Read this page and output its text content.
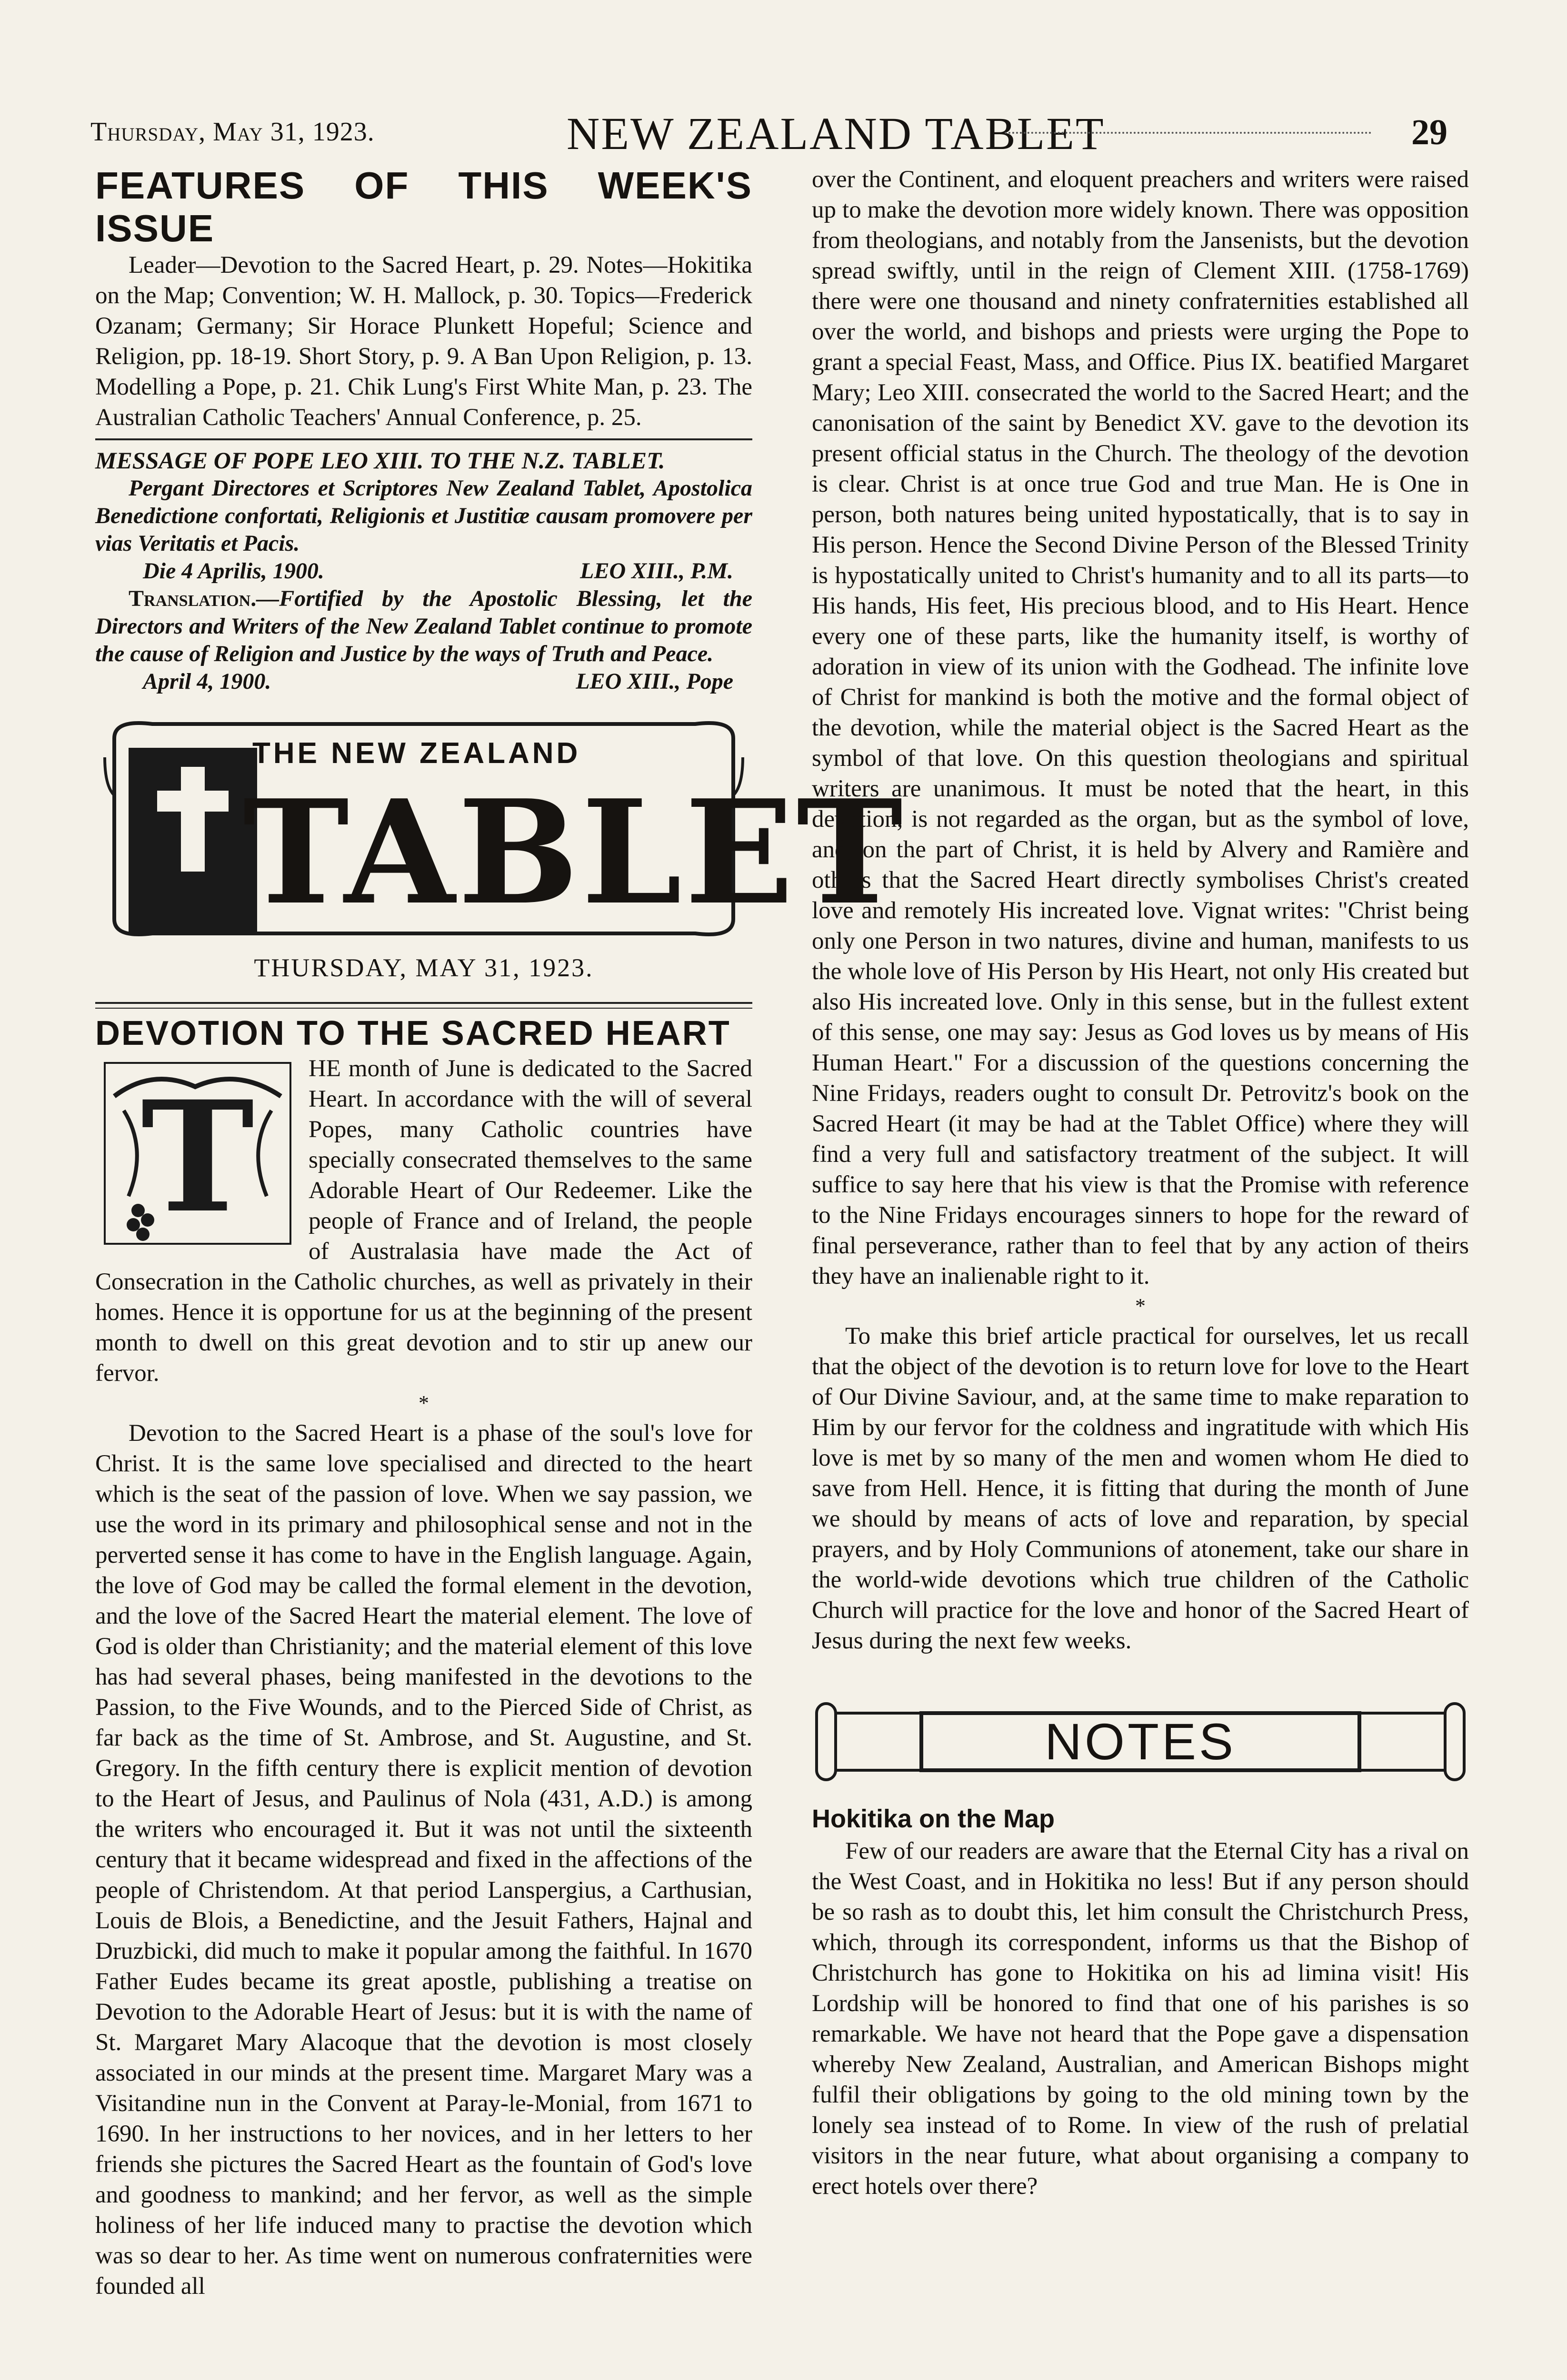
Thursday, May 31, 1923.	NEW ZEALAND TABLET	29
FEATURES OF THIS WEEK'S ISSUE

Leader—Devotion to the Sacred Heart, p. 29. Notes—Hokitika on the Map; Convention; W. H. Mallock, p. 30. Topics—Frederick Ozanam; Germany; Sir Horace Plunkett Hopeful; Science and Religion, pp. 18-19. Short Story, p. 9. A Ban Upon Religion, p. 13. Modelling a Pope, p. 21. Chik Lung's First White Man, p. 23. The Australian Catholic Teachers' Annual Conference, p. 25.

MESSAGE OF POPE LEO XIII. TO THE N.Z. TABLET.
Pergant Directores et Scriptores New Zealand Tablet, Apostolica Benedictione confortati, Religionis et Justitiæ causam promovere per vias Veritatis et Pacis.
Die 4 Aprilis, 1900.	LEO XIII., P.M.
Translation.—Fortified by the Apostolic Blessing, let the Directors and Writers of the New Zealand Tablet continue to promote the cause of Religion and Justice by the ways of Truth and Peace.
April 4, 1900.	LEO XIII., Pope
THE NEW ZEALAND
TABLET
THURSDAY, MAY 31, 1923.
DEVOTION TO THE SACRED HEART
T	HE month of June is dedicated to the Sacred Heart. In accordance with the will of several Popes, many Catholic countries have specially consecrated themselves to the same Adorable Heart of Our Redeemer. Like the people of France and of Ireland, the people of Australasia have made the Act of Consecration in the Catholic churches, as well as privately in their homes. Hence it is opportune for us at the beginning of the present month to dwell on this great devotion and to stir up anew our fervor.

*

Devotion to the Sacred Heart is a phase of the soul's love for Christ. It is the same love specialised and directed to the heart which is the seat of the passion of love. When we say passion, we use the word in its primary and philosophical sense and not in the perverted sense it has come to have in the English language. Again, the love of God may be called the formal element in the devotion, and the love of the Sacred Heart the material element. The love of God is older than Christianity; and the material element of this love has had several phases, being manifested in the devotions to the Passion, to the Five Wounds, and to the Pierced Side of Christ, as far back as the time of St. Ambrose, and St. Augustine, and St. Gregory. In the fifth century there is explicit mention of devotion to the Heart of Jesus, and Paulinus of Nola (431, A.D.) is among the writers who encouraged it. But it was not until the sixteenth century that it became widespread and fixed in the affections of the people of Christendom. At that period Lanspergius, a Carthusian, Louis de Blois, a Benedictine, and the Jesuit Fathers, Hajnal and Druzbicki, did much to make it popular among the faithful. In 1670 Father Eudes became its great apostle, publishing a treatise on Devotion to the Adorable Heart of Jesus: but it is with the name of St. Margaret Mary Alacoque that the devotion is most closely associated in our minds at the present time. Margaret Mary was a Visitandine nun in the Convent at Paray-le-Monial, from 1671 to 1690. In her instructions to her novices, and in her letters to her friends she pictures the Sacred Heart as the fountain of God's love and goodness to mankind; and her fervor, as well as the simple holiness of her life induced many to practise the devotion which was so dear to her. As time went on numerous confraternities were founded all

over the Continent, and eloquent preachers and writers were raised up to make the devotion more widely known. There was opposition from theologians, and notably from the Jansenists, but the devotion spread swiftly, until in the reign of Clement XIII. (1758-1769) there were one thousand and ninety confraternities established all over the world, and bishops and priests were urging the Pope to grant a special Feast, Mass, and Office. Pius IX. beatified Margaret Mary; Leo XIII. consecrated the world to the Sacred Heart; and the canonisation of the saint by Benedict XV. gave to the devotion its present official status in the Church. The theology of the devotion is clear. Christ is at once true God and true Man. He is One in person, both natures being united hypostatically, that is to say in His person. Hence the Second Divine Person of the Blessed Trinity is hypostatically united to Christ's humanity and to all its parts—to His hands, His feet, His precious blood, and to His Heart. Hence every one of these parts, like the humanity itself, is worthy of adoration in view of its union with the Godhead. The infinite love of Christ for mankind is both the motive and the formal object of the devotion, while the material object is the Sacred Heart as the symbol of that love. On this question theologians and spiritual writers are unanimous. It must be noted that the heart, in this devotion, is not regarded as the organ, but as the symbol of love, and, on the part of Christ, it is held by Alvery and Ramière and others that the Sacred Heart directly symbolises Christ's created love and remotely His increated love. Vignat writes: "Christ being only one Person in two natures, divine and human, manifests to us the whole love of His Person by His Heart, not only His created but also His increated love. Only in this sense, but in the fullest extent of this sense, one may say: Jesus as God loves us by means of His Human Heart." For a discussion of the questions concerning the Nine Fridays, readers ought to consult Dr. Petrovitz's book on the Sacred Heart (it may be had at the Tablet Office) where they will find a very full and satisfactory treatment of the subject. It will suffice to say here that his view is that the Promise with reference to the Nine Fridays encourages sinners to hope for the reward of final perseverance, rather than to feel that by any action of theirs they have an inalienable right to it.

*

To make this brief article practical for ourselves, let us recall that the object of the devotion is to return love for love to the Heart of Our Divine Saviour, and, at the same time to make reparation to Him by our fervor for the coldness and ingratitude with which His love is met by so many of the men and women whom He died to save from Hell. Hence, it is fitting that during the month of June we should by means of acts of love and reparation, by special prayers, and by Holy Communions of atonement, take our share in the world-wide devotions which true children of the Catholic Church will practice for the love and honor of the Sacred Heart of Jesus during the next few weeks.

NOTES
Hokitika on the Map

Few of our readers are aware that the Eternal City has a rival on the West Coast, and in Hokitika no less! But if any person should be so rash as to doubt this, let him consult the Christchurch Press, which, through its correspondent, informs us that the Bishop of Christchurch has gone to Hokitika on his ad limina visit! His Lordship will be honored to find that one of his parishes is so remarkable. We have not heard that the Pope gave a dispensation whereby New Zealand, Australian, and American Bishops might fulfil their obligations by going to the old mining town by the lonely sea instead of to Rome. In view of the rush of prelatial visitors in the near future, what about organising a company to erect hotels over there?
